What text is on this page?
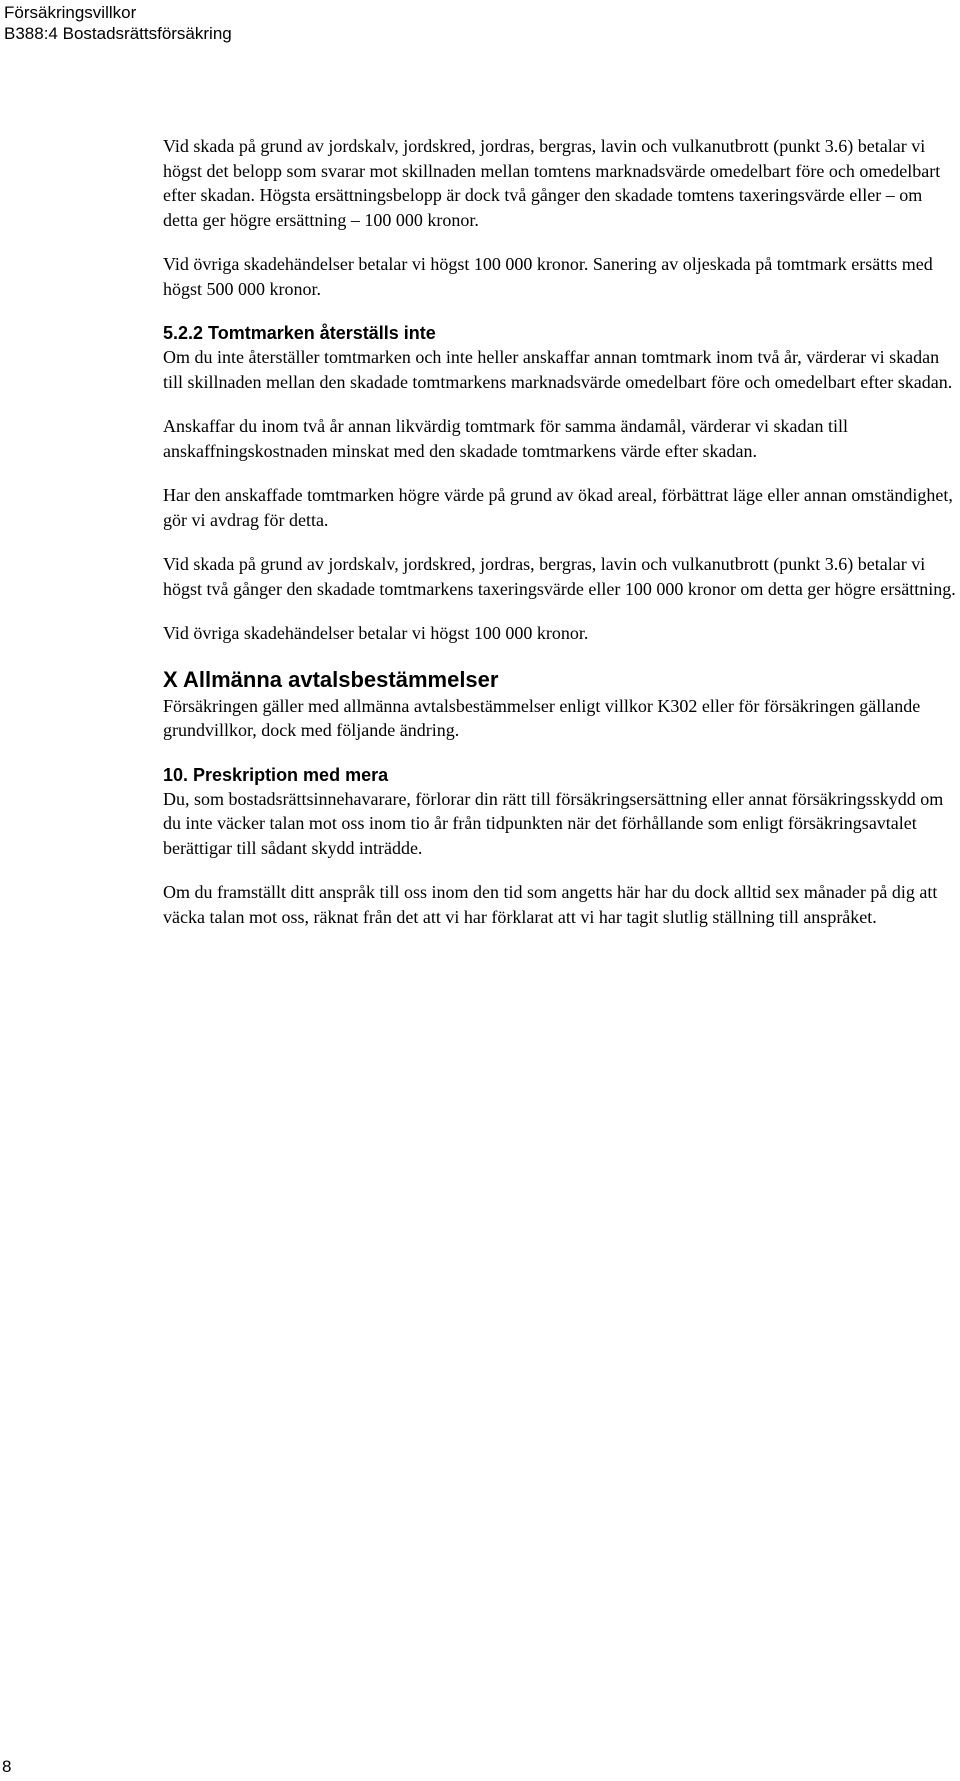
Försäkringsvillkor
B388:4 Bostadsrättsförsäkring

Vid skada på grund av jordskalv, jordskred, jordras, bergras, lavin och vulkanutbrott (punkt 3.6) betalar vi högst det belopp som svarar mot skillnaden mellan tomtens marknadsvärde omedelbart före och omedelbart efter skadan. Högsta ersättningsbelopp är dock två gånger den skadade tomtens taxeringsvärde eller – om detta ger högre ersättning – 100 000 kronor.

Vid övriga skadehändelser betalar vi högst 100 000 kronor. Sanering av oljeskada på tomtmark ersätts med högst 500 000 kronor.

5.2.2 Tomtmarken återställs inte

Om du inte återställer tomtmarken och inte heller anskaffar annan tomtmark inom två år, värderar vi skadan till skillnaden mellan den skadade tomtmarkens marknadsvärde omedelbart före och omedelbart efter skadan.

Anskaffar du inom två år annan likvärdig tomtmark för samma ändamål, värderar vi skadan till anskaffningskostnaden minskat med den skadade tomtmarkens värde efter skadan.

Har den anskaffade tomtmarken högre värde på grund av ökad areal, förbättrat läge eller annan omständighet, gör vi avdrag för detta.

Vid skada på grund av jordskalv, jordskred, jordras, bergras, lavin och vulkanutbrott (punkt 3.6) betalar vi högst två gånger den skadade tomtmarkens taxeringsvärde eller 100 000 kronor om detta ger högre ersättning.

Vid övriga skadehändelser betalar vi högst 100 000 kronor.

X Allmänna avtalsbestämmelser

Försäkringen gäller med allmänna avtalsbestämmelser enligt villkor K302 eller för försäkringen gällande grundvillkor, dock med följande ändring.

10. Preskription med mera

Du, som bostadsrättsinnehavarare, förlorar din rätt till försäkringsersättning eller annat försäkringsskydd om du inte väcker talan mot oss inom tio år från tidpunkten när det förhållande som enligt försäkringsavtalet berättigar till sådant skydd inträdde.

Om du framställt ditt anspråk till oss inom den tid som angetts här har du dock alltid sex månader på dig att väcka talan mot oss, räknat från det att vi har förklarat att vi har tagit slutlig ställning till anspråket.

8
